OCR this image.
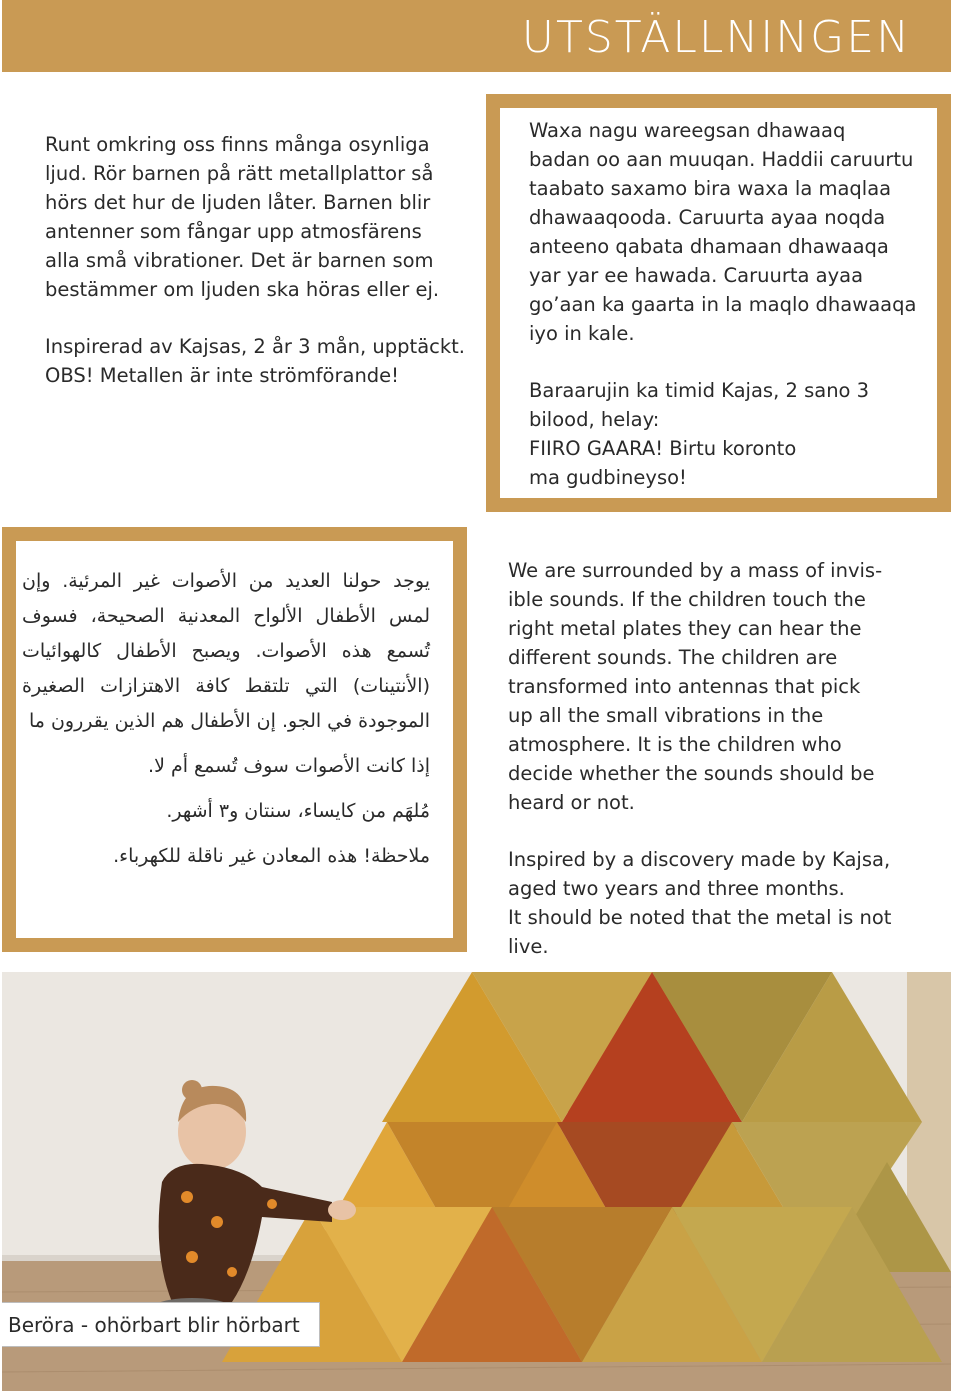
UTSTÄLLNINGEN

Runt omkring oss finns många osynliga
ljud. Rör barnen på rätt metallplattor så
hörs det hur de ljuden låter. Barnen blir
antenner som fångar upp atmosfärens
alla små vibrationer. Det är barnen som
bestämmer om ljuden ska höras eller ej.

Inspirerad av Kajsas, 2 år 3 mån, upptäckt.
OBS! Metallen är inte strömförande!

Waxa nagu wareegsan dhawaaq
badan oo aan muuqan. Haddii caruurtu
taabato saxamo bira waxa la maqlaa
dhawaaqooda. Caruurta ayaa noqda
anteeno qabata dhamaan dhawaaqa
yar yar ee hawada. Caruurta ayaa
go’aan ka gaarta in la maqlo dhawaaqa
iyo in kale.

Baraarujin ka timid Kajas, 2 sano 3
bilood, helay:
FIIRO GAARA! Birtu koronto
ma gudbineyso!

يوجد حولنا العديد من الأصوات غير المرئية. وإن لمس الأطفال الألواح المعدنية الصحيحة، فسوف تُسمع هذه الأصوات. ويصبح الأطفال كالهوائيات (الأنتينات) التي تلتقط كافة الاهتزازات الصغيرة الموجودة في الجو. إن الأطفال هم الذين يقررون ما

إذا كانت الأصوات سوف تُسمع أم لا.

مُلهَم من كايساء، سنتان و٣ أشهر.

ملاحظة! هذه المعادن غير ناقلة للكهرباء.

We are surrounded by a mass of invis-
ible sounds. If the children touch the
right metal plates they can hear the
different sounds. The children are
transformed into antennas that pick
up all the small vibrations in the
atmosphere. It is the children who
decide whether the sounds should be
heard or not.

Inspired by a discovery made by Kajsa,
aged two years and three months.
It should be noted that the metal is not
live.

Beröra - ohörbart blir hörbart
